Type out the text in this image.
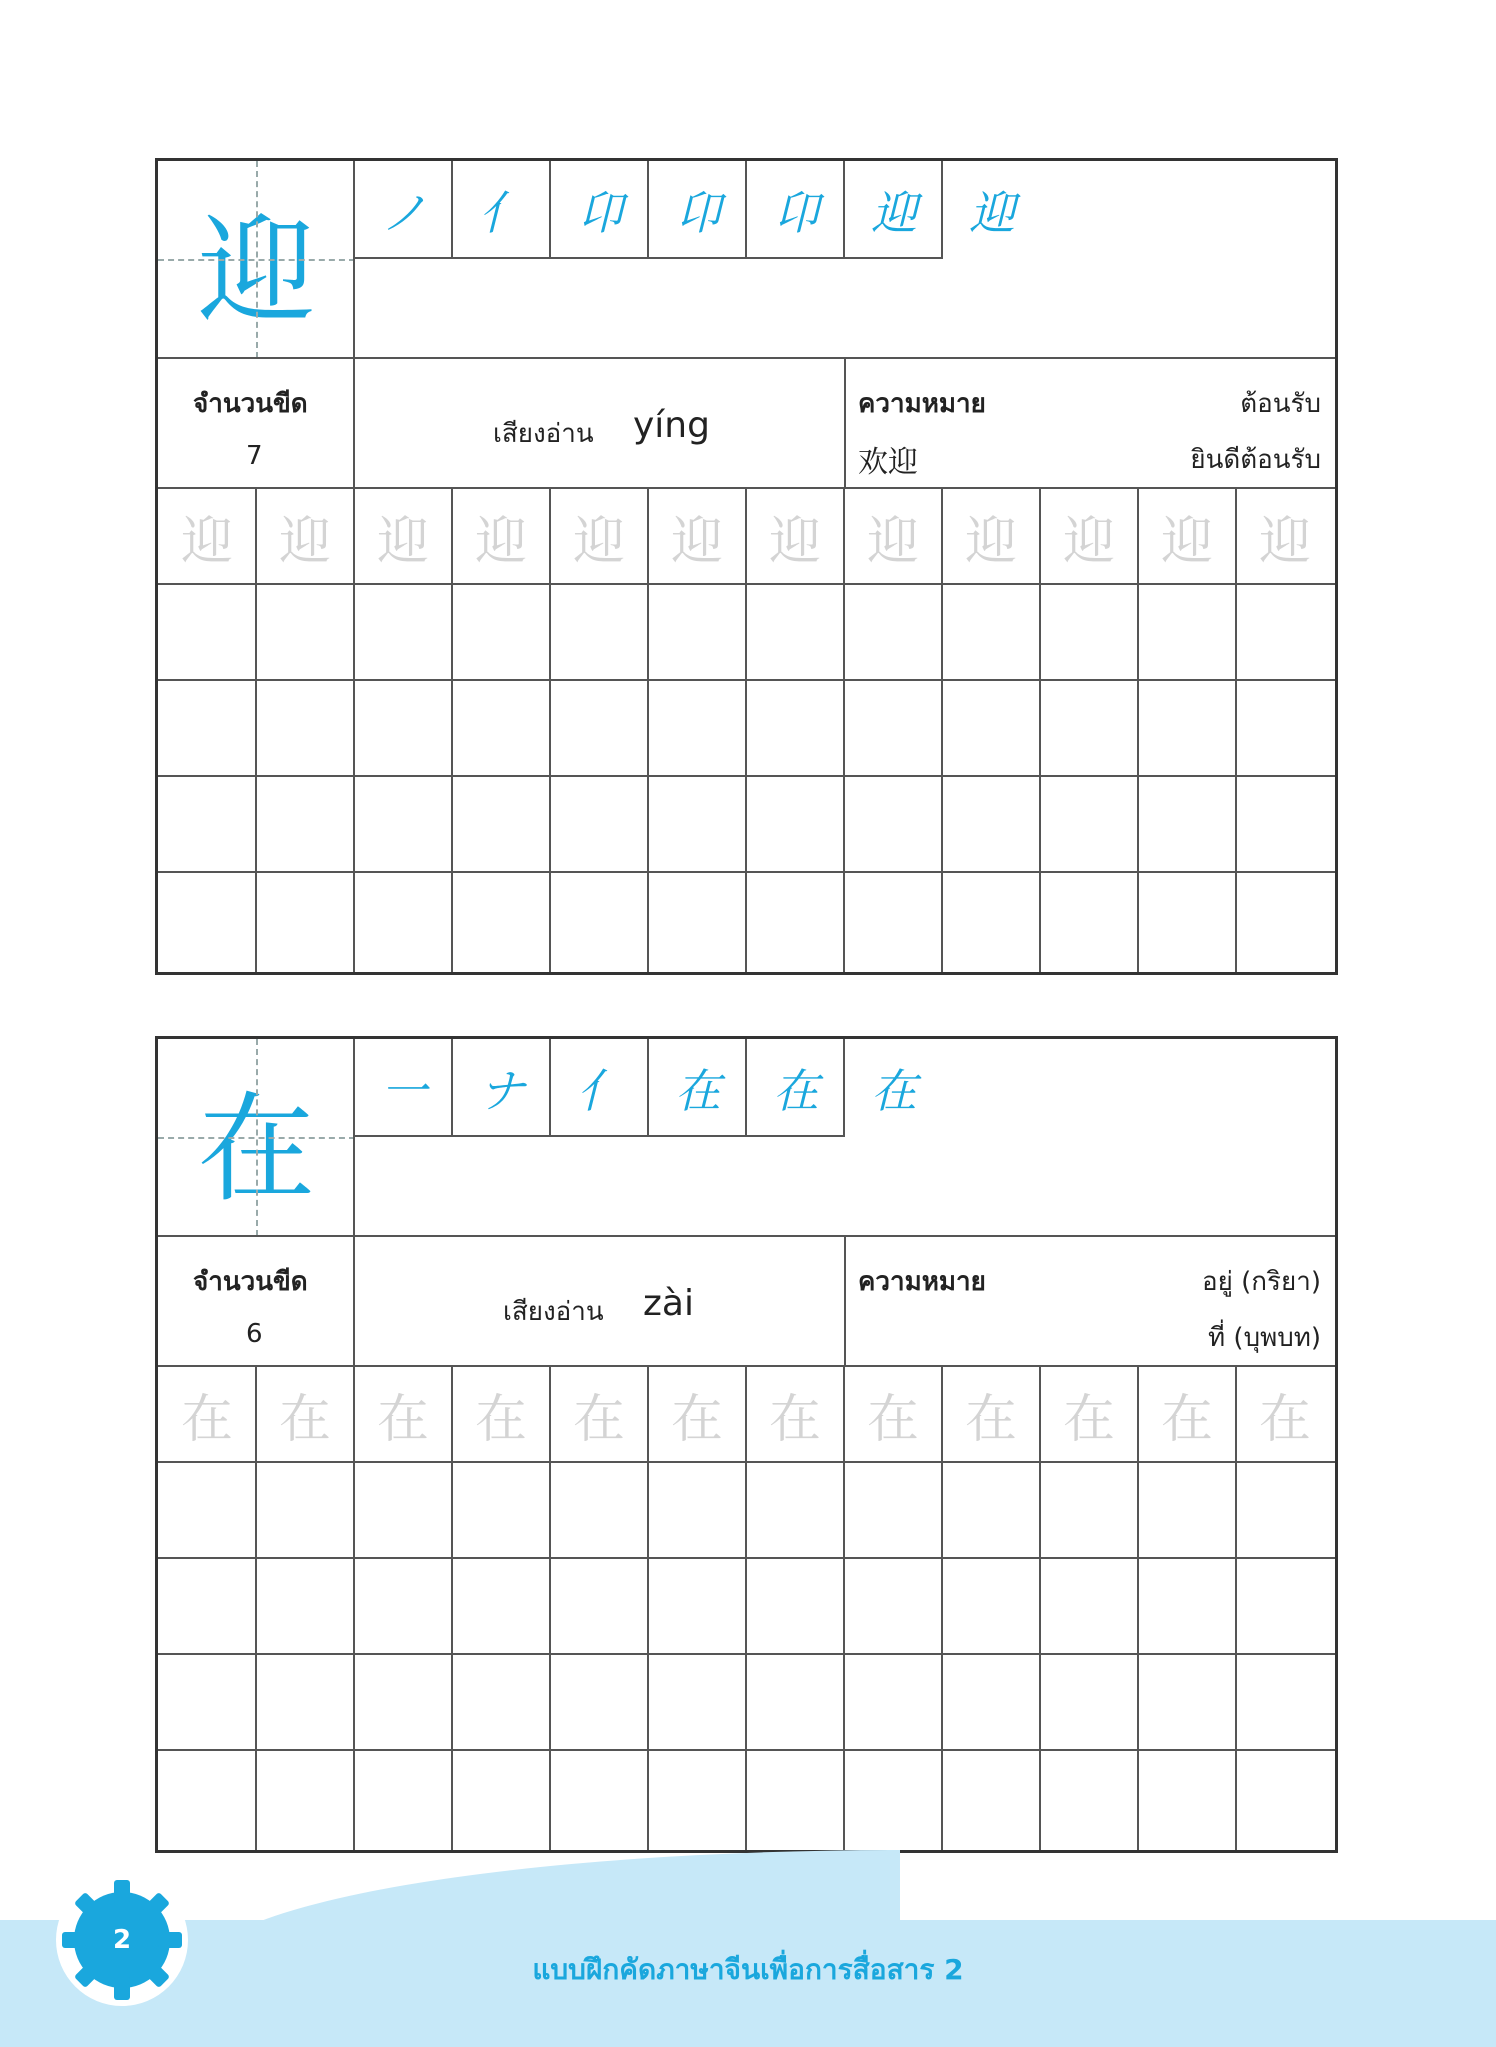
迎	ノ	亻	卬	卬	卬	迎	迎
จำนวนขีด
7
เสียงอ่าน yíng
ความหมาย	ต้อนรับ
欢迎	ยินดีต้อนรับ
迎 迎 迎 迎 迎 迎 迎 迎 迎 迎 迎 迎
在	一	ナ	亻	在	在	在
จำนวนขีด
6
เสียงอ่าน zài
ความหมาย	อยู่ (กริยา)
ที่ (บุพบท)
在 在 在 在 在 在 在 在 在 在 在 在
2
แบบฝึกคัดภาษาจีนเพื่อการสื่อสาร 2
